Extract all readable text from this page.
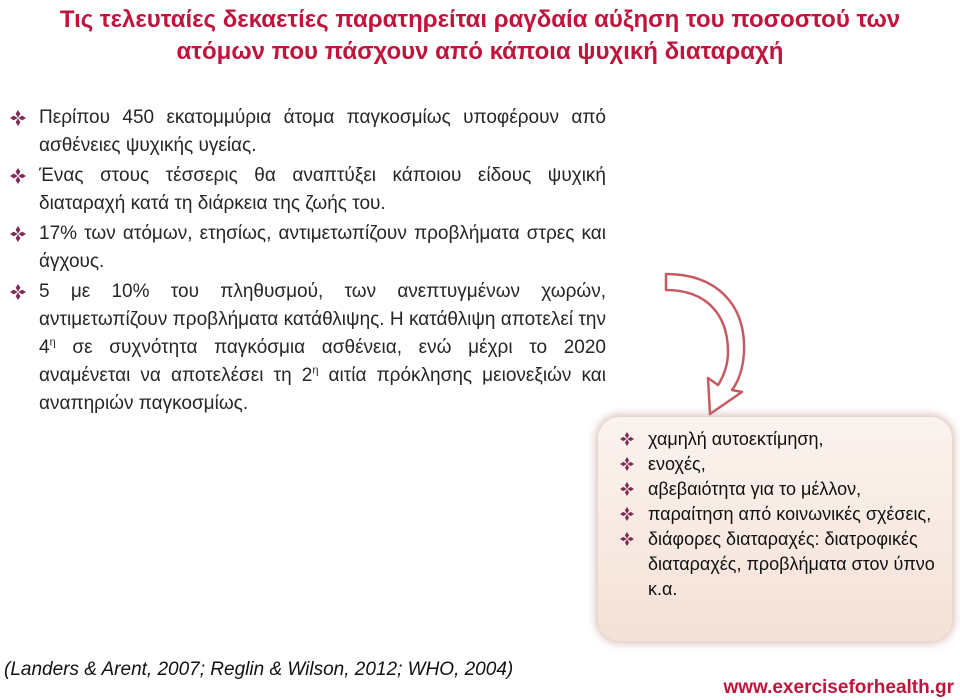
Τις τελευταίες δεκαετίες παρατηρείται ραγδαία αύξηση του ποσοστού των
ατόμων που πάσχουν από κάποια ψυχική διαταραχή
Περίπου 450 εκατομμύρια άτομα παγκοσμίως υποφέρουν από ασθένειες ψυχικής υγείας.
Ένας στους τέσσερις θα αναπτύξει κάποιου είδους ψυχική διαταραχή κατά τη διάρκεια της ζωής του.
17% των ατόμων, ετησίως, αντιμετωπίζουν προβλήματα στρες και άγχους.
5 με 10% του πληθυσμού, των ανεπτυγμένων χωρών, αντιμετωπίζουν προβλήματα κατάθλιψης. Η κατάθλιψη αποτελεί την $4^\eta$ σε συχνότητα παγκόσμια ασθένεια, ενώ μέχρι το 2020 αναμένεται να αποτελέσει τη $2^\eta$ αιτία πρόκλησης μειονεξιών και αναπηριών παγκοσμίως.
χαμηλή αυτοεκτίμηση,
ενοχές,
αβεβαιότητα για το μέλλον,
παραίτηση από κοινωνικές σχέσεις,
διάφορες διαταραχές: διατροφικές διαταραχές, προβλήματα στον ύπνο κ.α.
(Landers & Arent, 2007; Reglin & Wilson, 2012; WHO, 2004)
www.exerciseforhealth.gr
